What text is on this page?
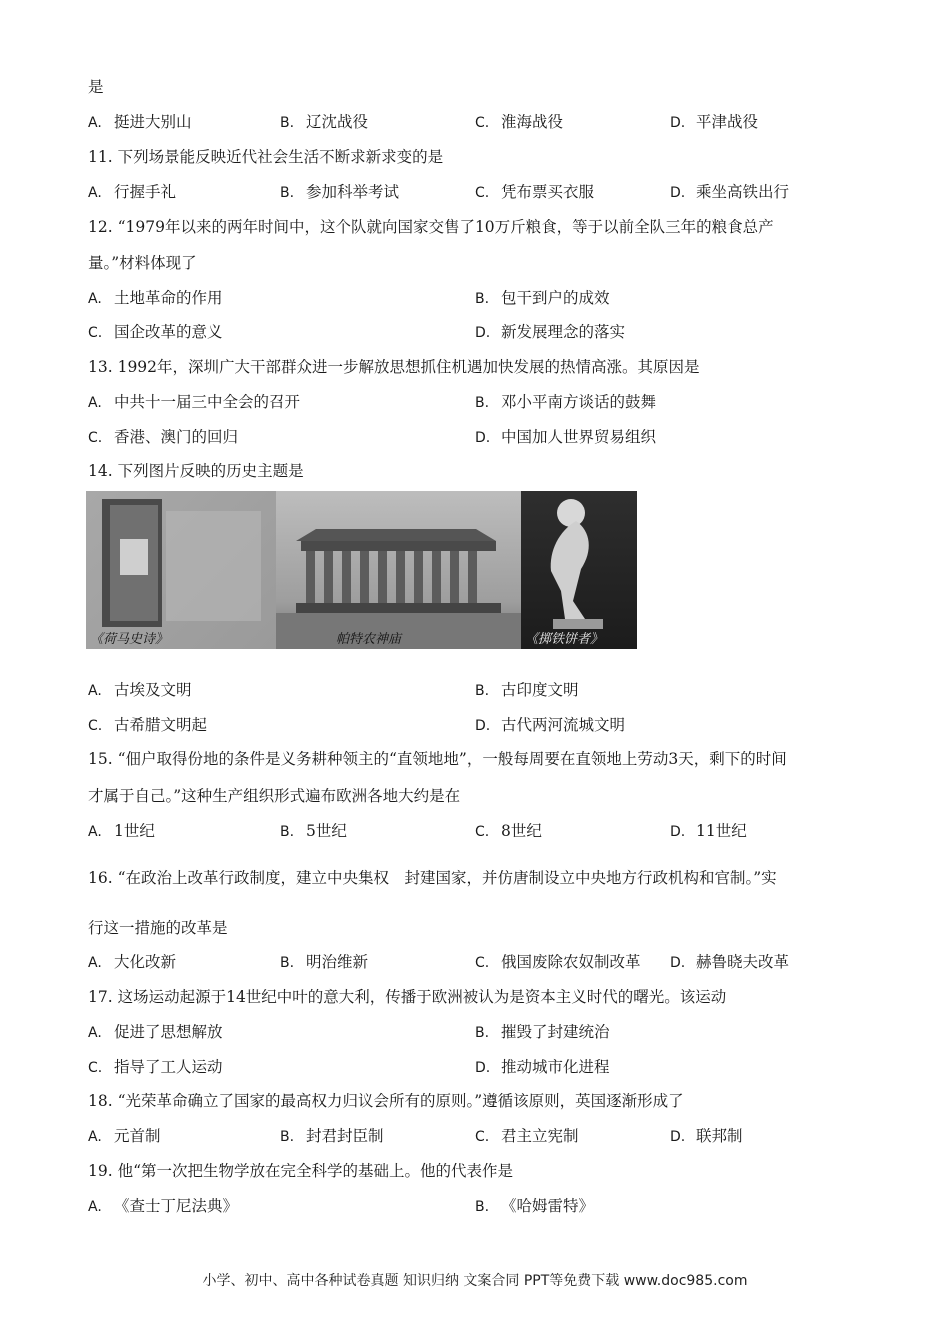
是
A. 挺进大别山	B. 辽沈战役	C. 淮海战役	D. 平津战役
11. 下列场景能反映近代社会生活不断求新求变的是
A. 行握手礼	B. 参加科举考试	C. 凭布票买衣服	D. 乘坐高铁出行
12. “1979年以来的两年时间中，这个队就向国家交售了10万斤粮食，等于以前全队三年的粮食总产
量。”材料体现了
A. 土地革命的作用	B. 包干到户的成效
C. 国企改革的意义	D. 新发展理念的落实
13. 1992年，深圳广大干部群众进一步解放思想抓住机遇加快发展的热情高涨。其原因是
A. 中共十一届三中全会的召开	B. 邓小平南方谈话的鼓舞
C. 香港、澳门的回归	D. 中国加人世界贸易组织
14. 下列图片反映的历史主题是
《荷马史诗》	帕特农神庙	《掷铁饼者》
A. 古埃及文明	B. 古印度文明
C. 古希腊文明起	D. 古代两河流城文明
15. “佃户取得份地的条件是义务耕种领主的“直领地地”，一般每周要在直领地上劳动3天，剩下的时间
才属于自己。”这种生产组织形式遍布欧洲各地大约是在
A. 1世纪	B. 5世纪	C. 8世纪	D. 11世纪
16. “在政治上改革行政制度，建立中央集权　封建国家，并仿唐制设立中央地方行政机构和官制。”实
行这一措施的改革是
A. 大化改新	B. 明治维新	C. 俄国废除农奴制改革 D. 赫鲁晓夫改革
17. 这场运动起源于14世纪中叶的意大利，传播于欧洲被认为是资本主义时代的曙光。该运动
A. 促进了思想解放	B. 摧毁了封建统治
C. 指导了工人运动	D. 推动城市化进程
18. “光荣革命确立了国家的最高权力归议会所有的原则。”遵循该原则，英国逐渐形成了
A. 元首制	B. 封君封臣制	C. 君主立宪制	D. 联邦制
19. 他“第一次把生物学放在完全科学的基础上。他的代表作是
A. 《查士丁尼法典》	B. 《哈姆雷特》
小学、初中、高中各种试卷真题 知识归纳 文案合同 PPT等免费下载 www.doc985.com
